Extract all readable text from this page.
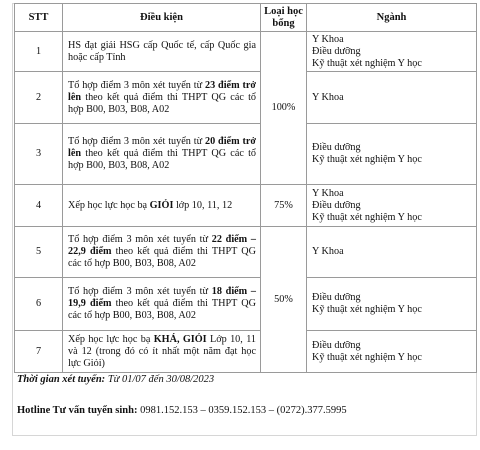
STT	Điều kiện	Loại học bổng	Ngành
1	HS đạt giải HSG cấp Quốc tế, cấp Quốc gia hoặc cấp Tỉnh	100%	Y Khoa
Điều dưỡng
Kỹ thuật xét nghiệm Y học

2	Tổ hợp điểm 3 môn xét tuyển từ 23 điểm trở lên theo kết quả điểm thi THPT QG các tổ hợp B00, B03, B08, A02		Y Khoa

3	Tổ hợp điểm 3 môn xét tuyển từ 20 điểm trở lên theo kết quả điểm thi THPT QG các tổ hợp B00, B03, B08, A02		Điều dưỡng
Kỹ thuật xét nghiệm Y học

4	Xếp học lực học bạ GIỎI lớp 10, 11, 12	75%	Y Khoa
Điều dưỡng
Kỹ thuật xét nghiệm Y học

5	Tổ hợp điểm 3 môn xét tuyển từ 22 điểm – 22,9 điểm theo kết quả điểm thi THPT QG các tổ hợp B00, B03, B08, A02	50%	Y Khoa

6	Tổ hợp điểm 3 môn xét tuyển từ 18 điểm – 19,9 điểm theo kết quả điểm thi THPT QG các tổ hợp B00, B03, B08, A02		Điều dưỡng
Kỹ thuật xét nghiệm Y học

7	Xếp học lực học bạ KHÁ, GIỎI Lớp 10, 11 và 12 (trong đó có ít nhất một năm đạt học lực Giỏi)		Điều dưỡng
Kỹ thuật xét nghiệm Y học
Thời gian xét tuyển: Từ 01/07 đến 30/08/2023
Hotline Tư vấn tuyển sinh: 0981.152.153 – 0359.152.153 – (0272).377.5995
